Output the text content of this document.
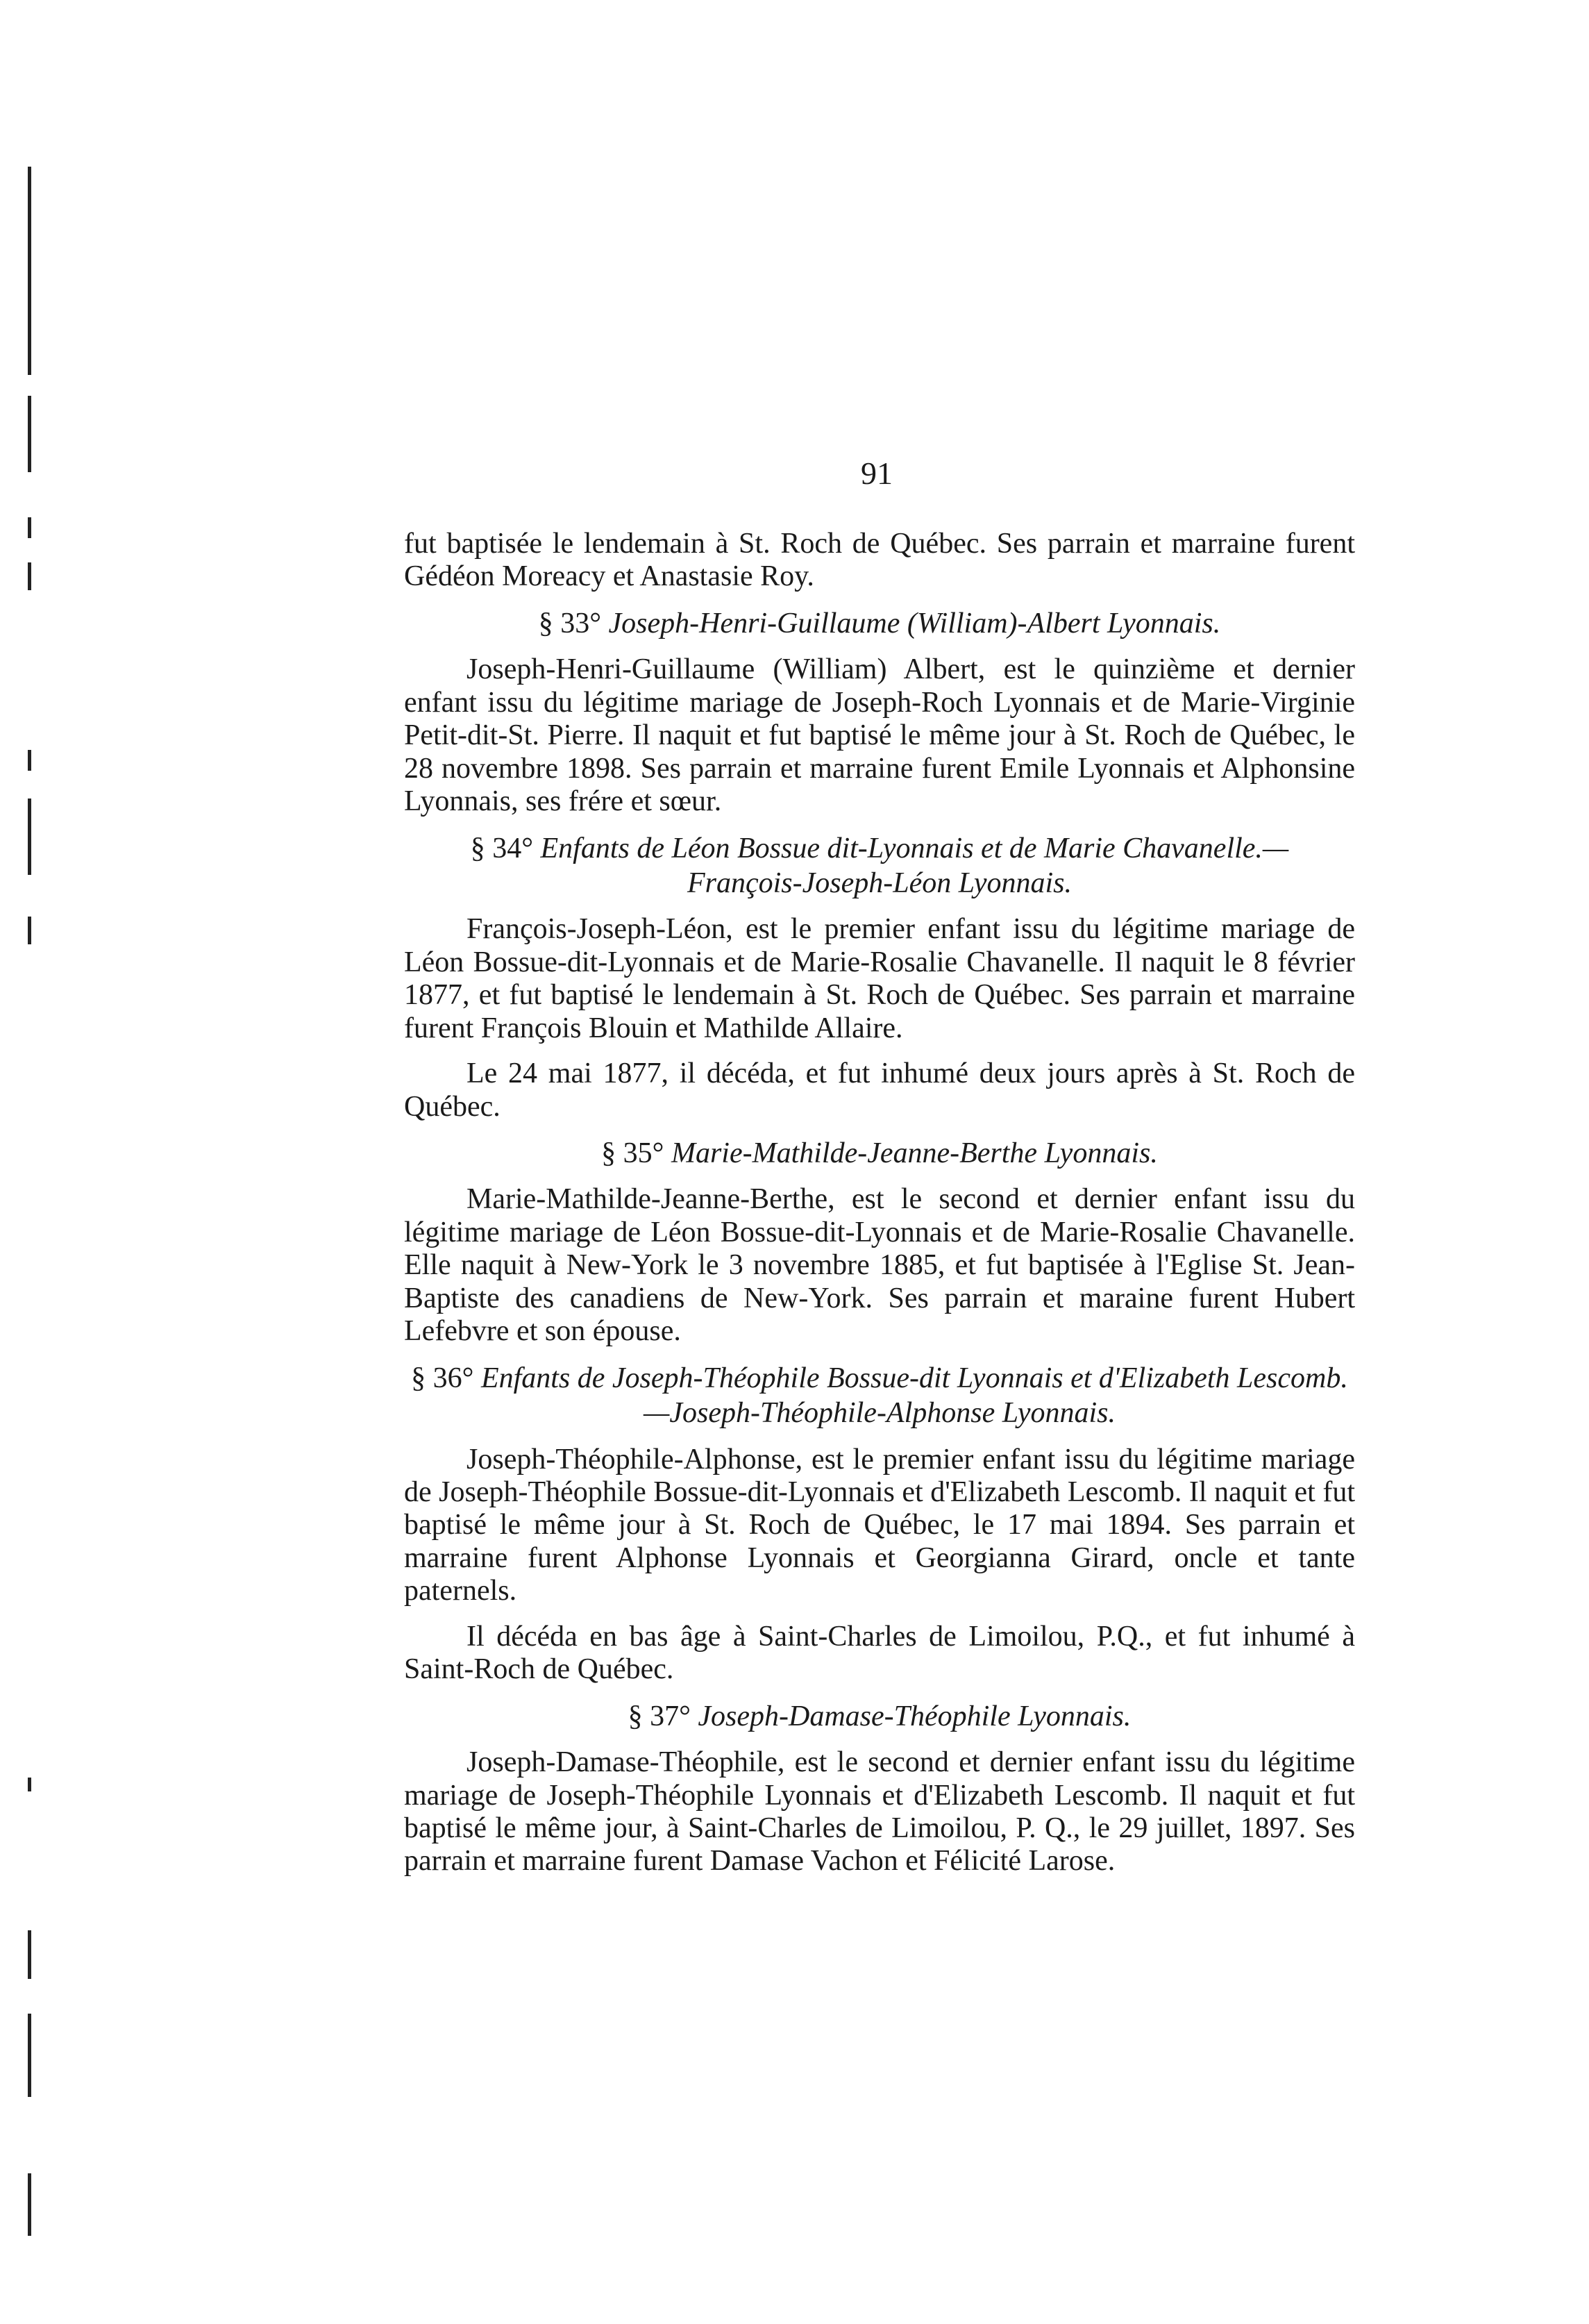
91

fut baptisée le lendemain à St. Roch de Québec. Ses parrain et marraine furent Gédéon Moreacy et Anastasie Roy.

§ 33° Joseph-Henri-Guillaume (William)-Albert Lyonnais.

Joseph-Henri-Guillaume (William) Albert, est le quinzième et dernier enfant issu du légitime mariage de Joseph-Roch Lyonnais et de Marie-Virginie Petit-dit-St. Pierre. Il naquit et fut baptisé le même jour à St. Roch de Québec, le 28 novembre 1898. Ses parrain et marraine furent Emile Lyonnais et Alphonsine Lyonnais, ses frére et sœur.

§ 34° Enfants de Léon Bossue dit-Lyonnais et de Marie Chavanelle.—
François-Joseph-Léon Lyonnais.

François-Joseph-Léon, est le premier enfant issu du légitime mariage de Léon Bossue-dit-Lyonnais et de Marie-Rosalie Chavanelle. Il naquit le 8 février 1877, et fut baptisé le lendemain à St. Roch de Québec. Ses parrain et marraine furent François Blouin et Mathilde Allaire.

Le 24 mai 1877, il décéda, et fut inhumé deux jours après à St. Roch de Québec.

§ 35° Marie-Mathilde-Jeanne-Berthe Lyonnais.

Marie-Mathilde-Jeanne-Berthe, est le second et dernier enfant issu du légitime mariage de Léon Bossue-dit-Lyonnais et de Marie-Rosalie Chavanelle. Elle naquit à New-York le 3 novembre 1885, et fut baptisée à l'Eglise St. Jean-Baptiste des canadiens de New-York. Ses parrain et maraine furent Hubert Lefebvre et son épouse.

§ 36° Enfants de Joseph-Théophile Bossue-dit Lyonnais et d'Elizabeth Lescomb.—Joseph-Théophile-Alphonse Lyonnais.

Joseph-Théophile-Alphonse, est le premier enfant issu du légitime mariage de Joseph-Théophile Bossue-dit-Lyonnais et d'Elizabeth Lescomb. Il naquit et fut baptisé le même jour à St. Roch de Québec, le 17 mai 1894. Ses parrain et marraine furent Alphonse Lyonnais et Georgianna Girard, oncle et tante paternels.

Il décéda en bas âge à Saint-Charles de Limoilou, P.Q., et fut inhumé à Saint-Roch de Québec.

§ 37° Joseph-Damase-Théophile Lyonnais.

Joseph-Damase-Théophile, est le second et dernier enfant issu du légitime mariage de Joseph-Théophile Lyonnais et d'Elizabeth Lescomb. Il naquit et fut baptisé le même jour, à Saint-Charles de Limoilou, P. Q., le 29 juillet, 1897. Ses parrain et marraine furent Damase Vachon et Félicité Larose.
